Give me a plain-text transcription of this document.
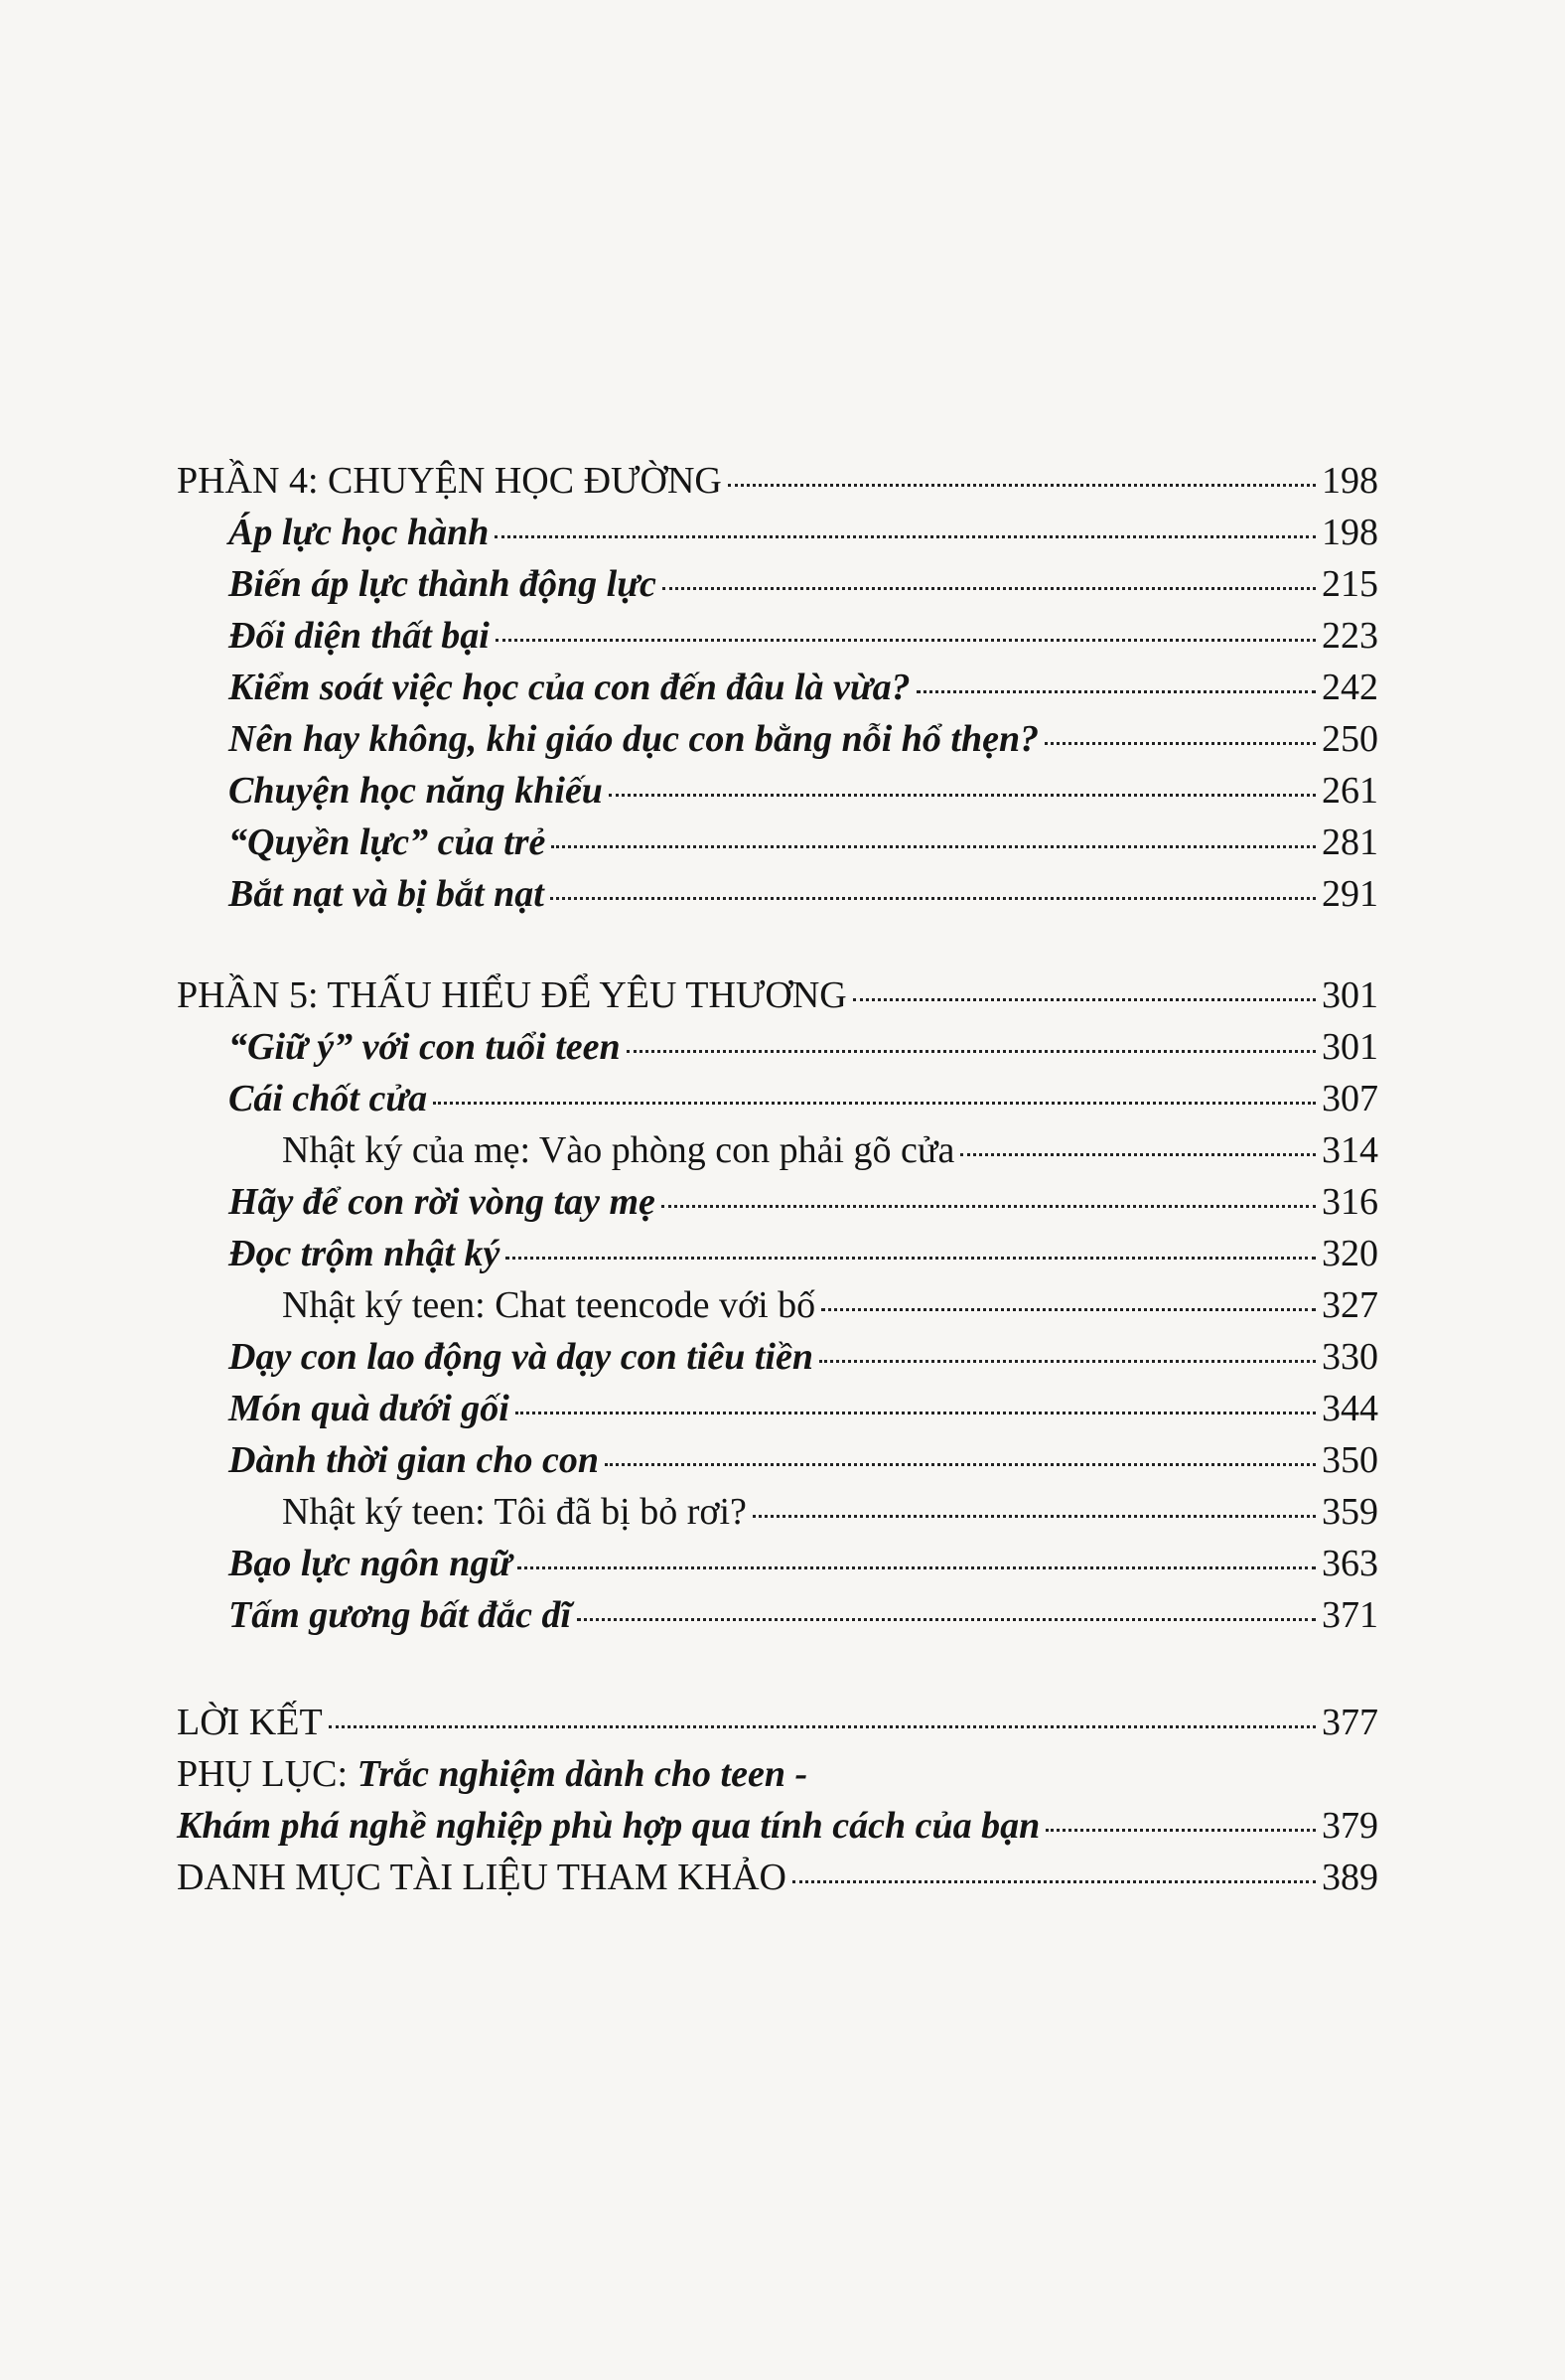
PHẦN 4: CHUYỆN HỌC ĐƯỜNG	198
Áp lực học hành	198
Biến áp lực thành động lực	215
Đối diện thất bại	223
Kiểm soát việc học của con đến đâu là vừa?	242
Nên hay không, khi giáo dục con bằng nỗi hổ thẹn?	250
Chuyện học năng khiếu	261
“Quyền lực” của trẻ	281
Bắt nạt và bị bắt nạt	291
PHẦN 5: THẤU HIỂU ĐỂ YÊU THƯƠNG	301
“Giữ ý” với con tuổi teen	301
Cái chốt cửa	307
Nhật ký của mẹ: Vào phòng con phải gõ cửa	314
Hãy để con rời vòng tay mẹ	316
Đọc trộm nhật ký	320
Nhật ký teen: Chat teencode với bố	327
Dạy con lao động và dạy con tiêu tiền	330
Món quà dưới gối	344
Dành thời gian cho con	350
Nhật ký teen: Tôi đã bị bỏ rơi?	359
Bạo lực ngôn ngữ	363
Tấm gương bất đắc dĩ	371
LỜI KẾT	377
PHỤ LỤC: Trắc nghiệm dành cho teen -
Khám phá nghề nghiệp phù hợp qua tính cách của bạn	379
DANH MỤC TÀI LIỆU THAM KHẢO	389
